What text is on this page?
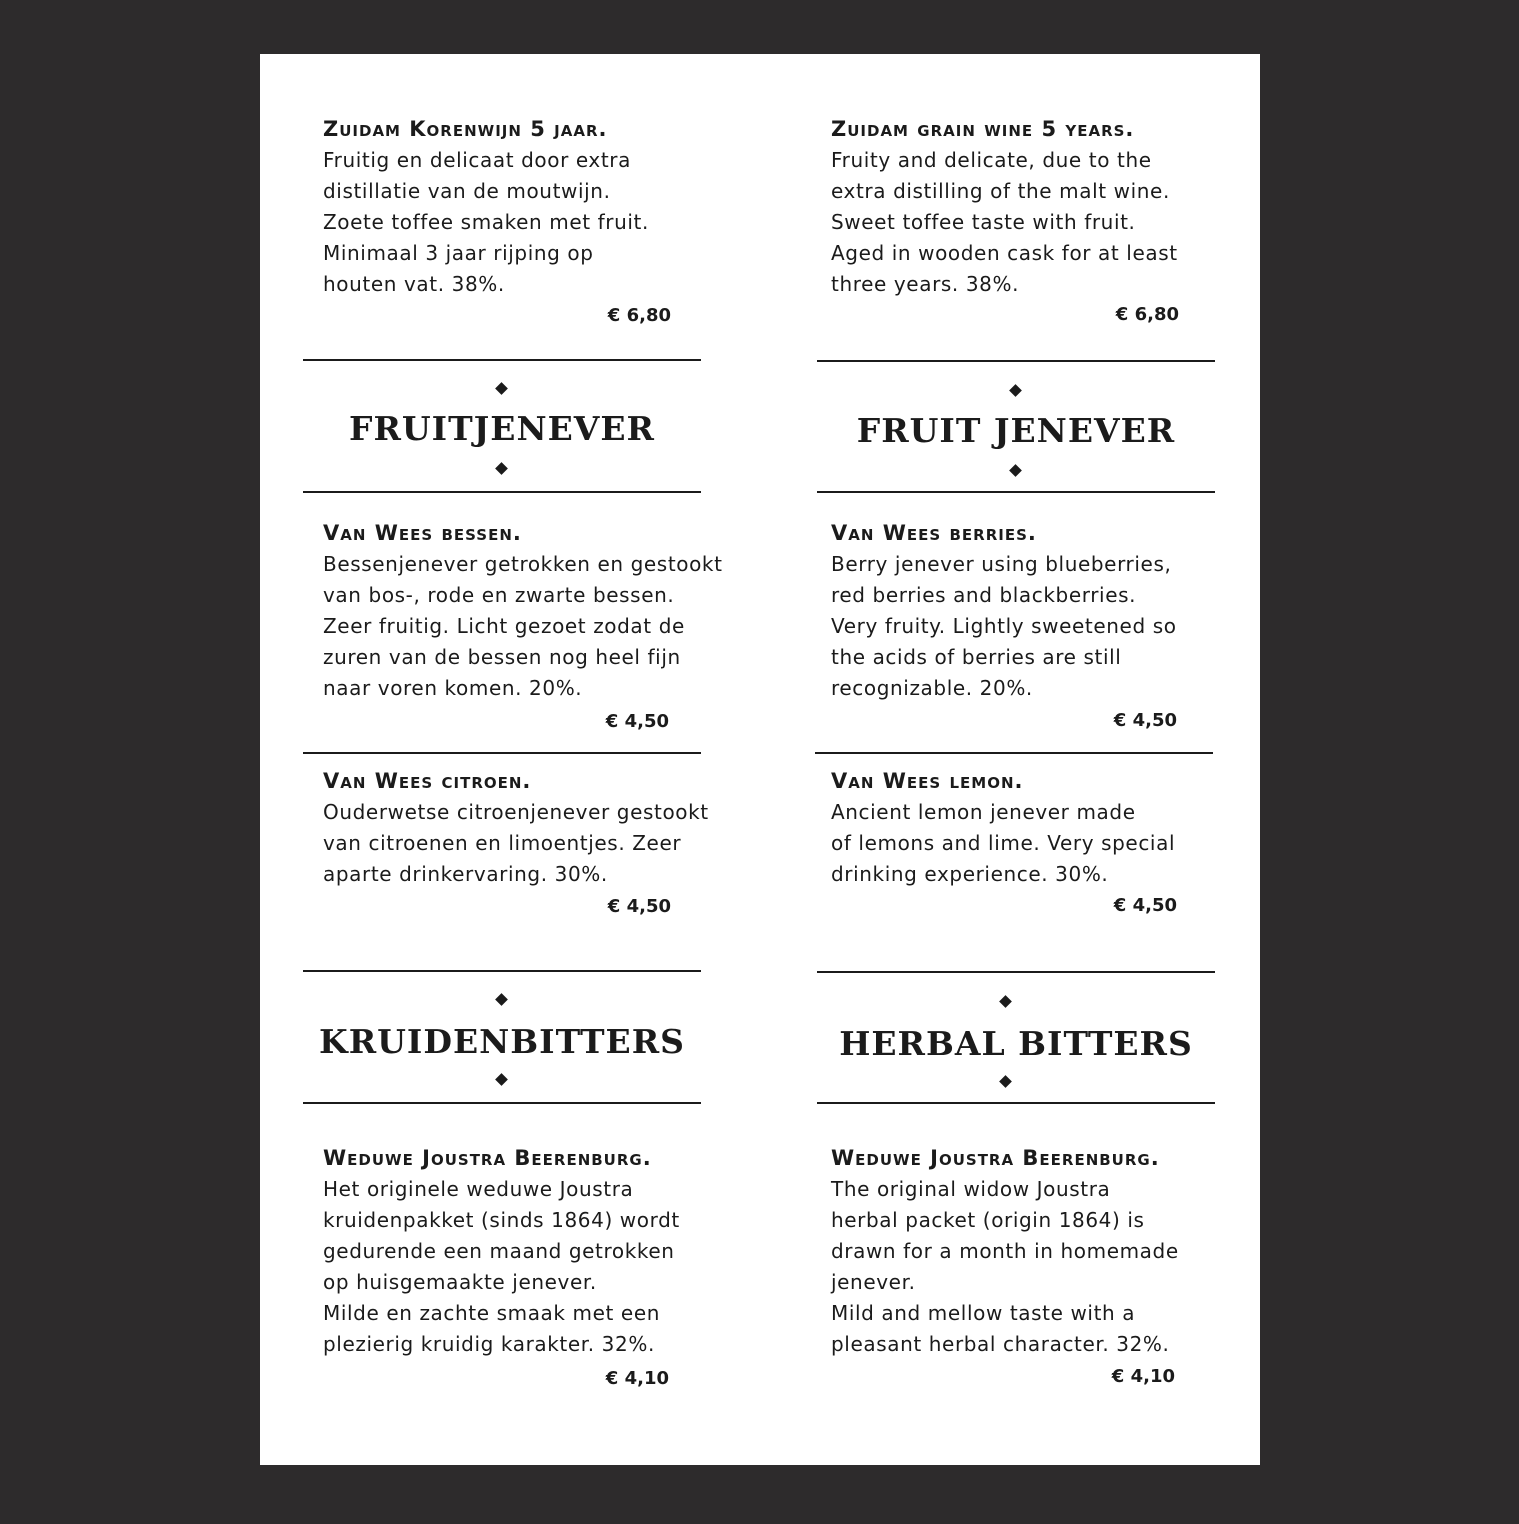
Zuidam Korenwijn 5 jaar.
Fruitig en delicaat door extra
distillatie van de moutwijn.
Zoete toffee smaken met fruit.
Minimaal 3 jaar rijping op
houten vat. 38%.
€ 6,80
FRUITJENEVER
Van Wees bessen.
Bessenjenever getrokken en gestookt
van bos-, rode en zwarte bessen.
Zeer fruitig. Licht gezoet zodat de
zuren van de bessen nog heel fijn
naar voren komen. 20%.
€ 4,50
Van Wees citroen.
Ouderwetse citroenjenever gestookt
van citroenen en limoentjes. Zeer
aparte drinkervaring. 30%.
€ 4,50
KRUIDENBITTERS
Weduwe Joustra Beerenburg.
Het originele weduwe Joustra
kruidenpakket (sinds 1864) wordt
gedurende een maand getrokken
op huisgemaakte jenever.
Milde en zachte smaak met een
plezierig kruidig karakter. 32%.
€ 4,10
Zuidam grain wine 5 years.
Fruity and delicate, due to the
extra distilling of the malt wine.
Sweet toffee taste with fruit.
Aged in wooden cask for at least
three years. 38%.
€ 6,80
FRUIT JENEVER
Van Wees berries.
Berry jenever using blueberries,
red berries and blackberries.
Very fruity. Lightly sweetened so
the acids of berries are still
recognizable. 20%.
€ 4,50
Van Wees lemon.
Ancient lemon jenever made
of lemons and lime. Very special
drinking experience. 30%.
€ 4,50
HERBAL BITTERS
Weduwe Joustra Beerenburg.
The original widow Joustra
herbal packet (origin 1864) is
drawn for a month in homemade
jenever.
Mild and mellow taste with a
pleasant herbal character. 32%.
€ 4,10
